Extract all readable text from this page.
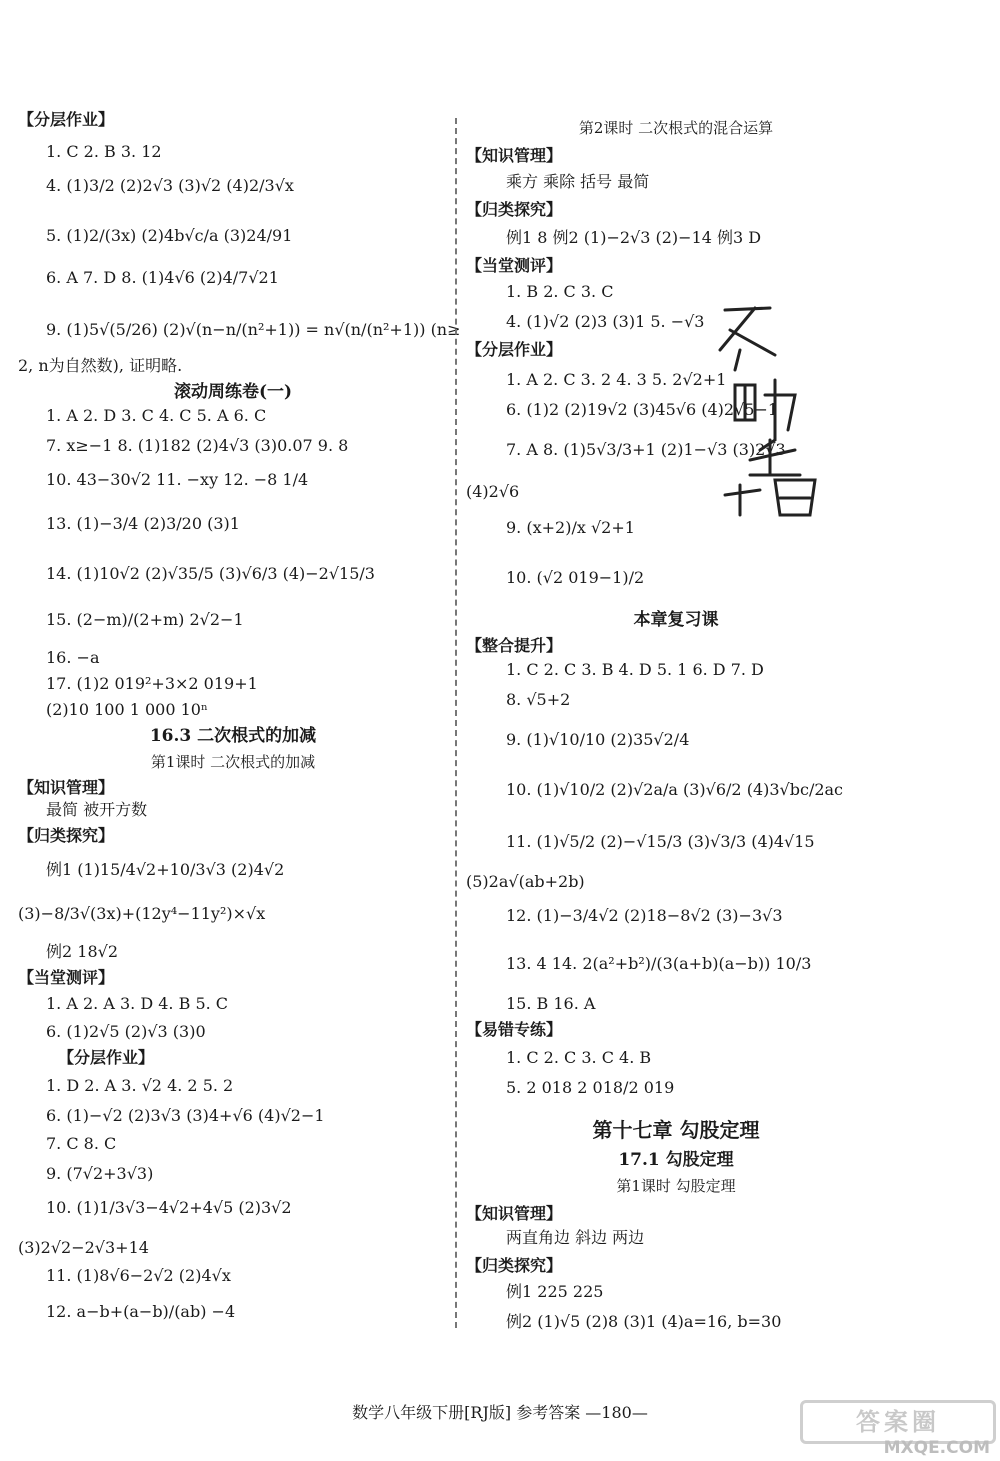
【分层作业】
1. C 2. B 3. 12
4. (1)3/2 (2)2√3 (3)√2 (4)2/3√x
5. (1)2/(3x) (2)4b√c/a (3)24/91
6. A 7. D 8. (1)4√6 (2)4/7√21
9. (1)5√(5/26) (2)√(n−n/(n²+1)) = n√(n/(n²+1)) (n≥
2, n为自然数), 证明略.
滚动周练卷(一)
1. A 2. D 3. C 4. C 5. A 6. C
7. x≥−1 8. (1)182 (2)4√3 (3)0.07 9. 8
10. 43−30√2 11. −xy 12. −8 1/4
13. (1)−3/4 (2)3/20 (3)1
14. (1)10√2 (2)√35/5 (3)√6/3 (4)−2√15/3
15. (2−m)/(2+m) 2√2−1
16. −a
17. (1)2 019²+3×2 019+1
(2)10 100 1 000 10ⁿ
16.3 二次根式的加减
第1课时 二次根式的加减
【知识管理】
最简 被开方数
【归类探究】
例1 (1)15/4√2+10/3√3 (2)4√2
(3)−8/3√(3x)+(12y⁴−11y²)×√x
例2 18√2
【当堂测评】
1. A 2. A 3. D 4. B 5. C
6. (1)2√5 (2)√3 (3)0
【分层作业】
1. D 2. A 3. √2 4. 2 5. 2
6. (1)−√2 (2)3√3 (3)4+√6 (4)√2−1
7. C 8. C
9. (7√2+3√3)
10. (1)1/3√3−4√2+4√5 (2)3√2
(3)2√2−2√3+14
11. (1)8√6−2√2 (2)4√x
12. a−b+(a−b)/(ab) −4
第2课时 二次根式的混合运算
【知识管理】
乘方 乘除 括号 最简
【归类探究】
例1 8 例2 (1)−2√3 (2)−14 例3 D
【当堂测评】
1. B 2. C 3. C
4. (1)√2 (2)3 (3)1 5. −√3
【分层作业】
1. A 2. C 3. 2 4. 3 5. 2√2+1
6. (1)2 (2)19√2 (3)45√6 (4)2√5−1
7. A 8. (1)5√3/3+1 (2)1−√3 (3)2√3
(4)2√6
9. (x+2)/x √2+1
10. (√2 019−1)/2
本章复习课
【整合提升】
1. C 2. C 3. B 4. D 5. 1 6. D 7. D
8. √5+2
9. (1)√10/10 (2)35√2/4
10. (1)√10/2 (2)√2a/a (3)√6/2 (4)3√bc/2ac
11. (1)√5/2 (2)−√15/3 (3)√3/3 (4)4√15
(5)2a√(ab+2b)
12. (1)−3/4√2 (2)18−8√2 (3)−3√3
13. 4 14. 2(a²+b²)/(3(a+b)(a−b)) 10/3
15. B 16. A
【易错专练】
1. C 2. C 3. C 4. B
5. 2 018 2 018/2 019
第十七章 勾股定理
17.1 勾股定理
第1课时 勾股定理
【知识管理】
两直角边 斜边 两边
【归类探究】
例1 225 225
例2 (1)√5 (2)8 (3)1 (4)a=16, b=30
数学八年级下册[RJ版] 参考答案 —180—	答案圈
MXQE.COM
